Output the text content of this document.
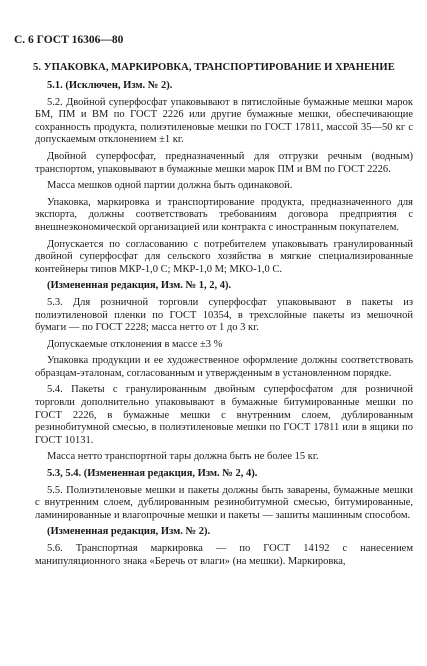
С. 6 ГОСТ 16306—80
5. УПАКОВКА, МАРКИРОВКА, ТРАНСПОРТИРОВАНИЕ И ХРАНЕНИЕ

5.1. (Исключен, Изм. № 2).

5.2. Двойной суперфосфат упаковывают в пятислойные бумажные мешки марок БМ, ПМ и ВМ по ГОСТ 2226 или другие бумажные мешки, обеспечивающие сохранность продукта, полиэтиленовые мешки по ГОСТ 17811, массой 35—50 кг с допускаемым отклонением ±1 кг.

Двойной суперфосфат, предназначенный для отгрузки речным (водным) транспортом, упаковывают в бумажные мешки марок ПМ и ВМ по ГОСТ 2226.

Масса мешков одной партии должна быть одинаковой.

Упаковка, маркировка и транспортирование продукта, предназначенного для экспорта, должны соответствовать требованиям договора предприятия с внешнеэкономической организацией или контракта с иностранным покупателем.

Допускается по согласованию с потребителем упаковывать гранулированный двойной суперфосфат для сельского хозяйства в мягкие специализированные контейнеры типов МКР-1,0 С; МКР-1,0 М; МКО-1,0 С.

(Измененная редакция, Изм. № 1, 2, 4).

5.3. Для розничной торговли суперфосфат упаковывают в пакеты из полиэтиленовой пленки по ГОСТ 10354, в трехслойные пакеты из мешочной бумаги — по ГОСТ 2228; масса нетто от 1 до 3 кг.

Допускаемые отклонения в массе ±3 %

Упаковка продукции и ее художественное оформление должны соответствовать образцам-эталонам, согласованным и утвержденным в установленном порядке.

5.4. Пакеты с гранулированным двойным суперфосфатом для розничной торговли дополнительно упаковывают в бумажные битумированные мешки по ГОСТ 2226, в бумажные мешки с внутренним слоем, дублированным резинобитумной смесью, в полиэтиленовые мешки по ГОСТ 17811 или в ящики по ГОСТ 10131.

Масса нетто транспортной тары должна быть не более 15 кг.

5.3, 5.4. (Измененная редакция, Изм. № 2, 4).

5.5. Полиэтиленовые мешки и пакеты должны быть заварены, бумажные мешки с внутренним слоем, дублированным резинобитумной смесью, битумированные, ламинированные и влагопрочные мешки и пакеты — зашиты машинным способом.

(Измененная редакция, Изм. № 2).

5.6. Транспортная маркировка — по ГОСТ 14192 с нанесением манипуляционного знака «Беречь от влаги» (на мешки). Маркировка,
